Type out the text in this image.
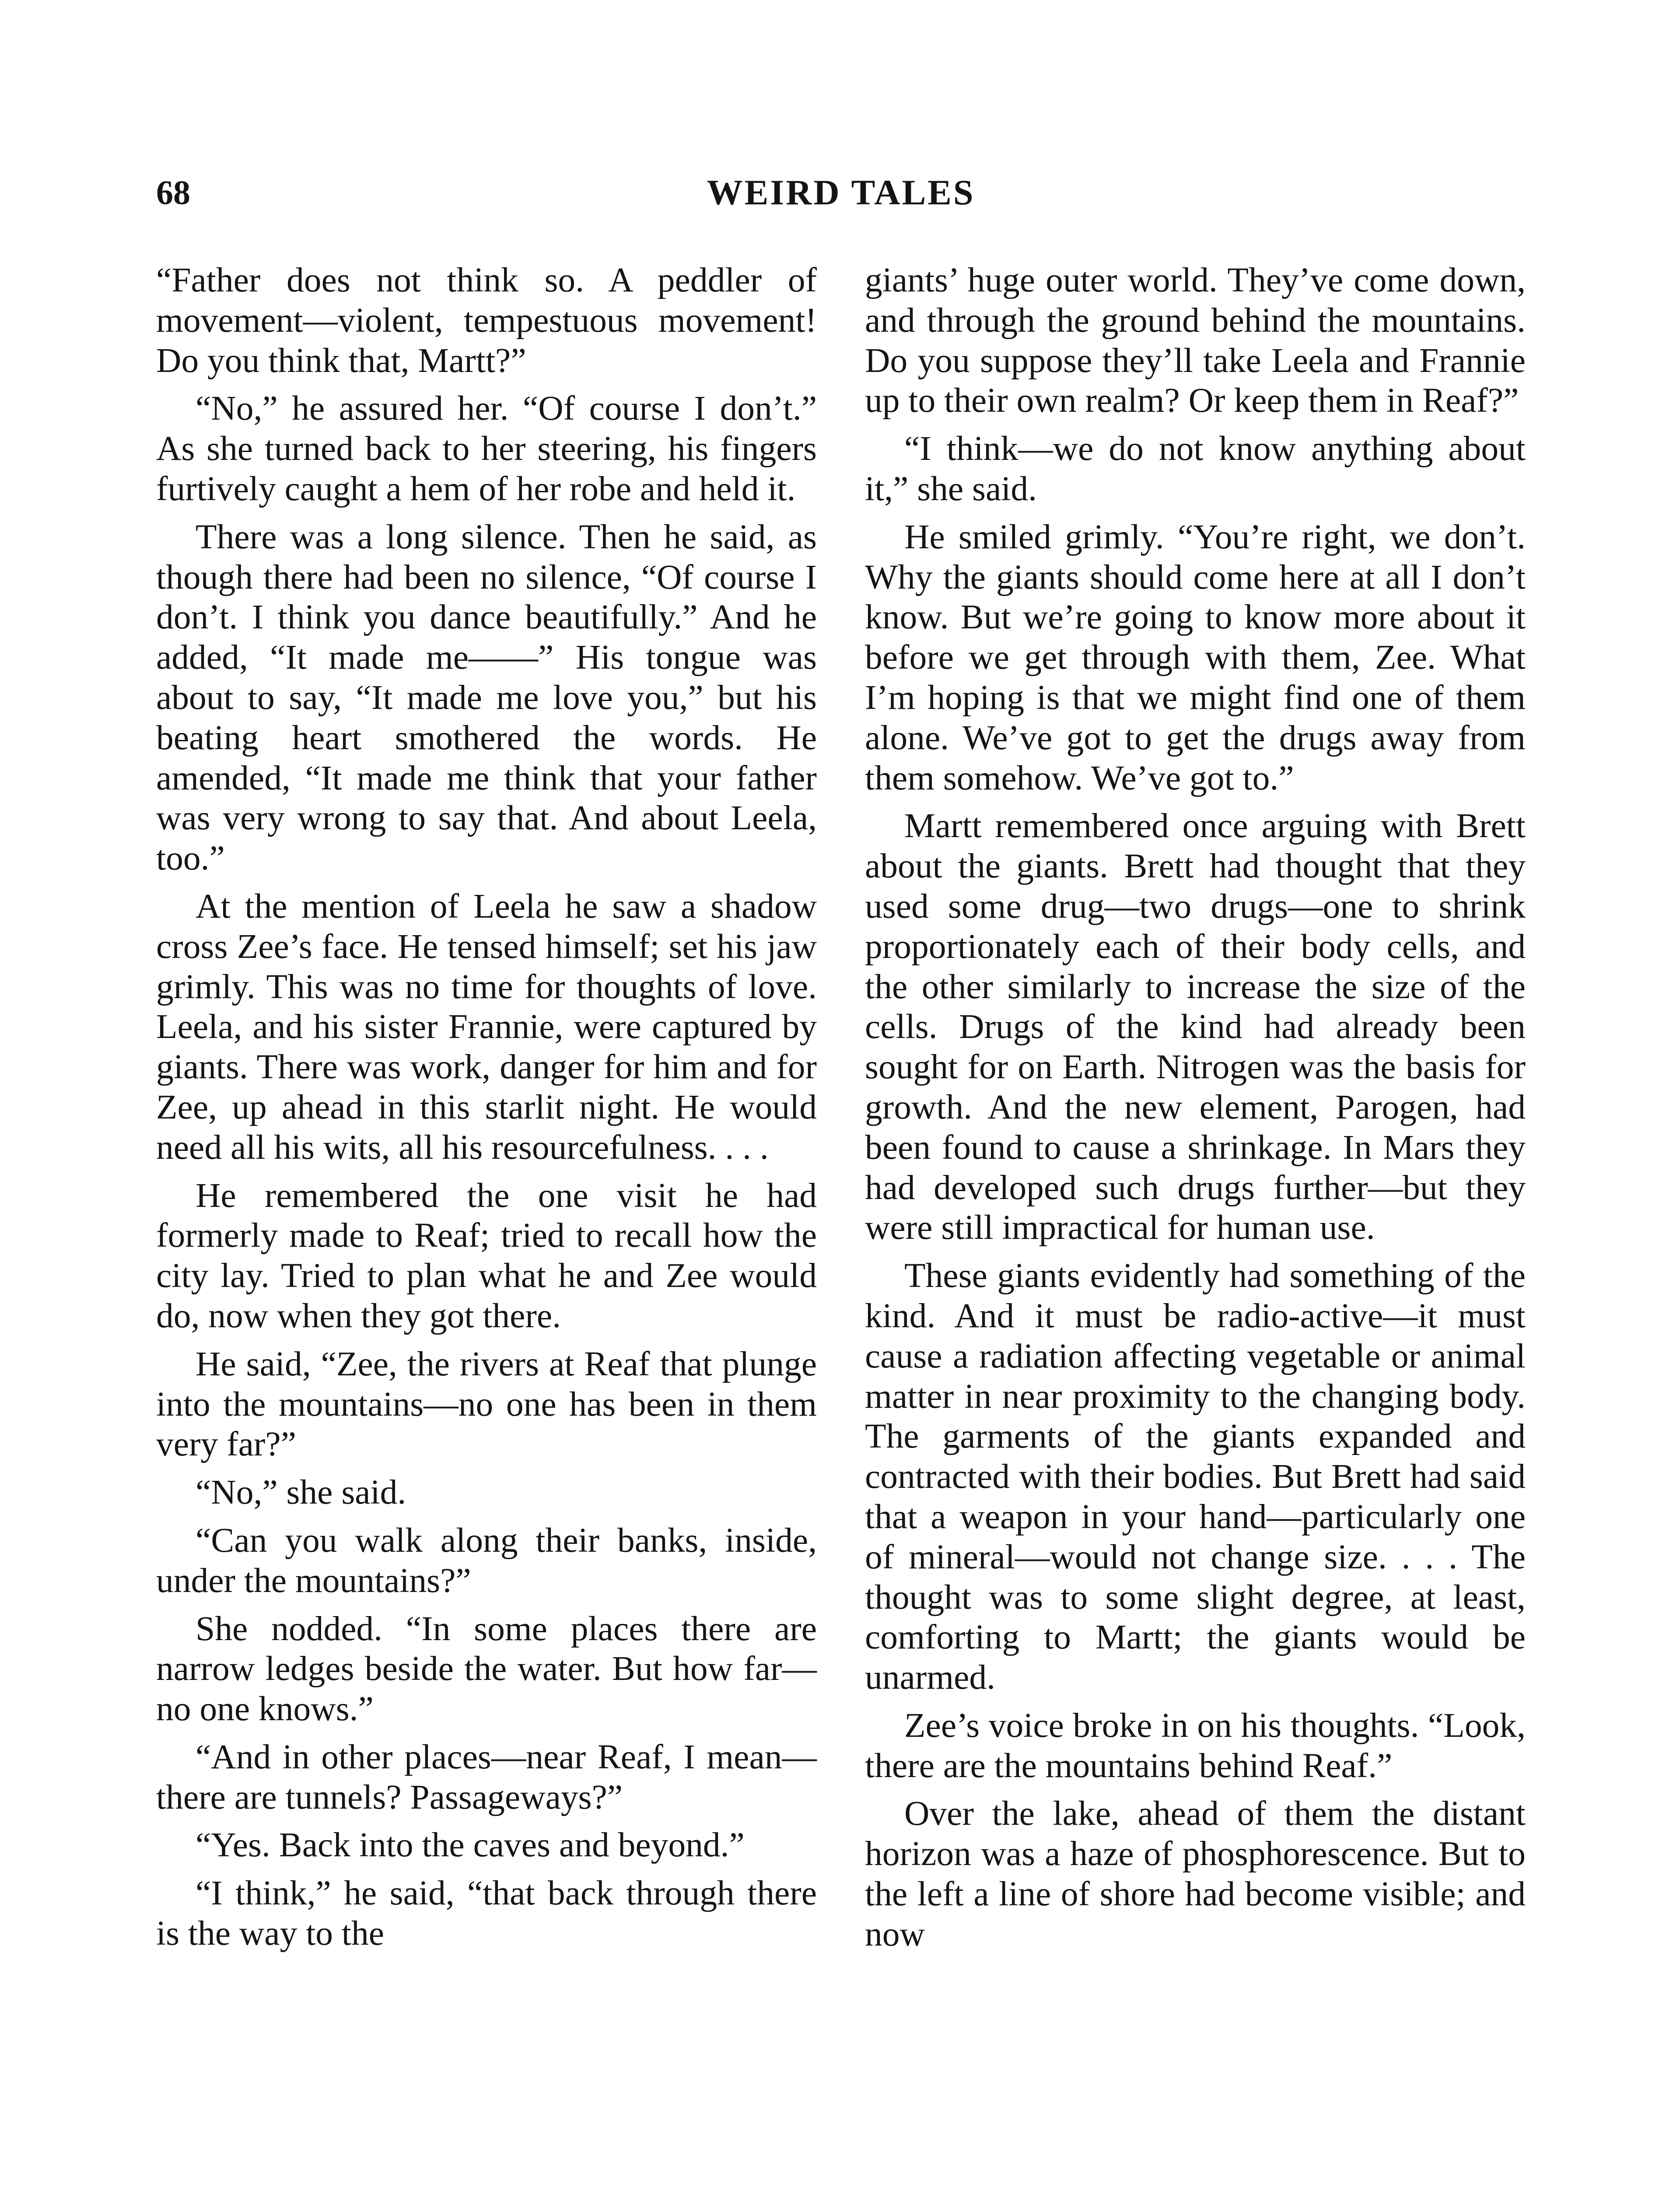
68	WEIRD TALES

“Father does not think so. A peddler of movement—violent, tempestuous movement! Do you think that, Martt?”

“No,” he assured her. “Of course I don’t.” As she turned back to her steering, his fingers furtively caught a hem of her robe and held it.

There was a long silence. Then he said, as though there had been no silence, “Of course I don’t. I think you dance beautifully.” And he added, “It made me——” His tongue was about to say, “It made me love you,” but his beating heart smothered the words. He amended, “It made me think that your father was very wrong to say that. And about Leela, too.”

At the mention of Leela he saw a shadow cross Zee’s face. He tensed himself; set his jaw grimly. This was no time for thoughts of love. Leela, and his sister Frannie, were captured by giants. There was work, danger for him and for Zee, up ahead in this starlit night. He would need all his wits, all his resourcefulness. . . .

He remembered the one visit he had formerly made to Reaf; tried to recall how the city lay. Tried to plan what he and Zee would do, now when they got there.

He said, “Zee, the rivers at Reaf that plunge into the mountains—no one has been in them very far?”

“No,” she said.

“Can you walk along their banks, inside, under the mountains?”

She nodded. “In some places there are narrow ledges beside the water. But how far—no one knows.”

“And in other places—near Reaf, I mean—there are tunnels? Passageways?”

“Yes. Back into the caves and beyond.”

“I think,” he said, “that back through there is the way to the

giants’ huge outer world. They’ve come down, and through the ground behind the mountains. Do you suppose they’ll take Leela and Frannie up to their own realm? Or keep them in Reaf?”

“I think—we do not know anything about it,” she said.

He smiled grimly. “You’re right, we don’t. Why the giants should come here at all I don’t know. But we’re going to know more about it before we get through with them, Zee. What I’m hoping is that we might find one of them alone. We’ve got to get the drugs away from them somehow. We’ve got to.”

Martt remembered once arguing with Brett about the giants. Brett had thought that they used some drug—two drugs—one to shrink proportionately each of their body cells, and the other similarly to increase the size of the cells. Drugs of the kind had already been sought for on Earth. Nitrogen was the basis for growth. And the new element, Parogen, had been found to cause a shrinkage. In Mars they had developed such drugs further—but they were still impractical for human use.

These giants evidently had something of the kind. And it must be radio-active—it must cause a radiation affecting vegetable or animal matter in near proximity to the changing body. The garments of the giants expanded and contracted with their bodies. But Brett had said that a weapon in your hand—particularly one of mineral—would not change size. . . . The thought was to some slight degree, at least, comforting to Martt; the giants would be unarmed.

Zee’s voice broke in on his thoughts. “Look, there are the mountains behind Reaf.”

Over the lake, ahead of them the distant horizon was a haze of phosphorescence. But to the left a line of shore had become visible; and now
